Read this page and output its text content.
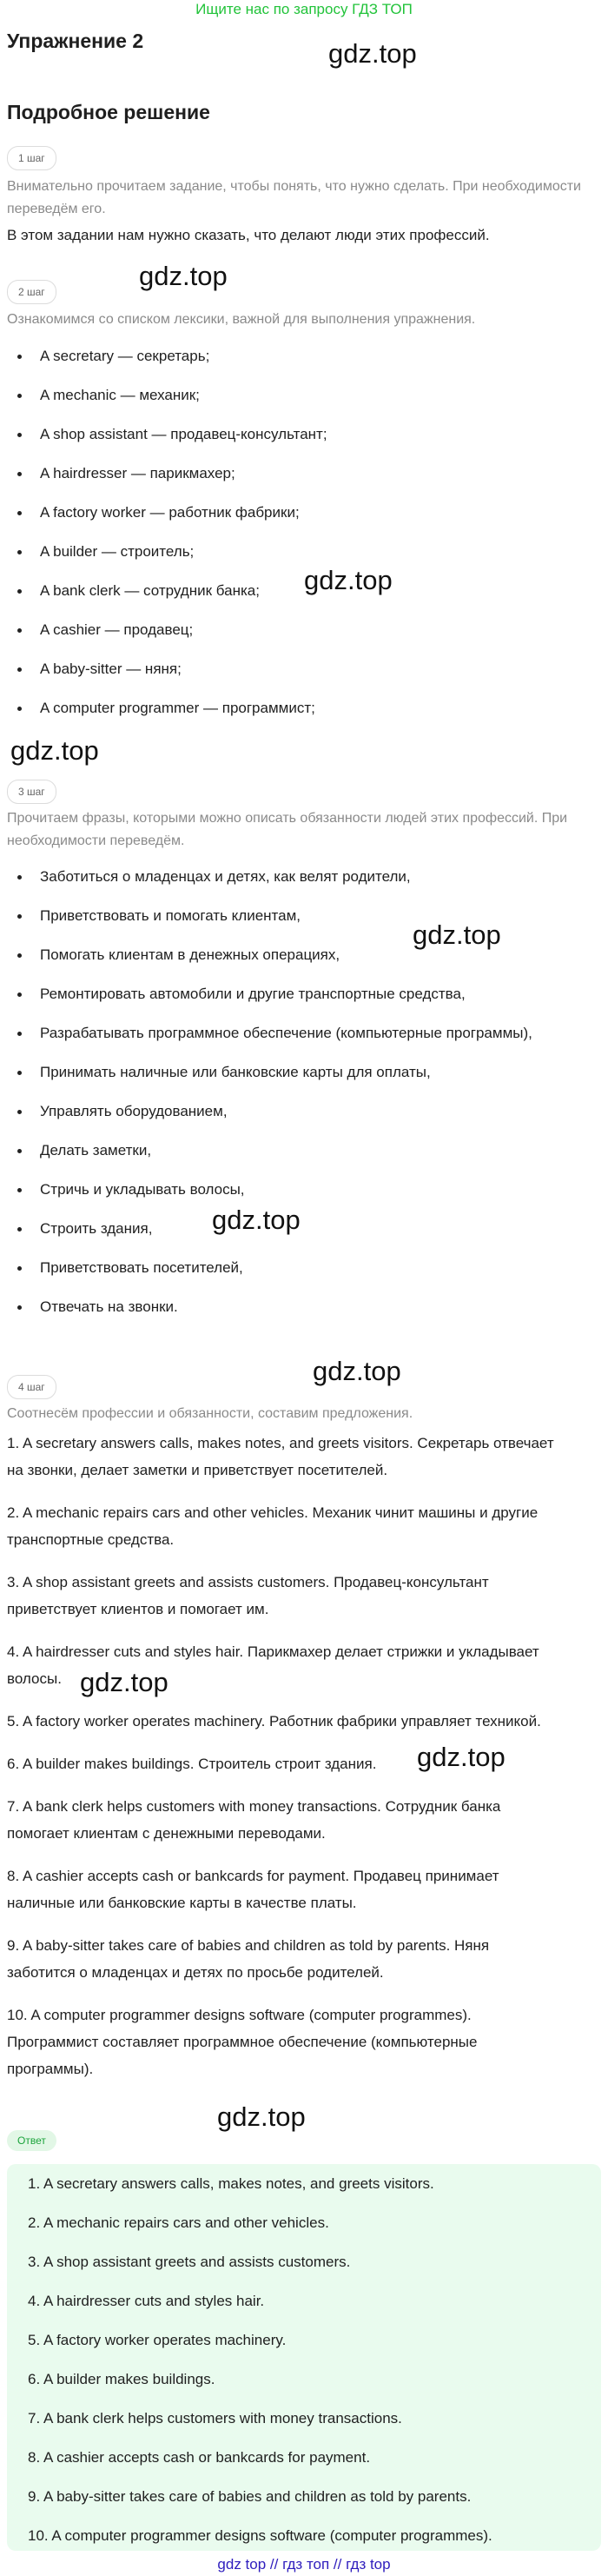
Ищите нас по запросу ГДЗ ТОП
Упражнение 2
Подробное решение
gdz.top
gdz.top
gdz.top
gdz.top
gdz.top
gdz.top
gdz.top
gdz.top
gdz.top
gdz.top
1 шаг
Внимательно прочитаем задание, чтобы понять, что нужно сделать. При необходимости переведём его.
В этом задании нам нужно сказать, что делают люди этих профессий.
2 шаг
Ознакомимся со списком лексики, важной для выполнения упражнения.
A secretary — секретарь;
A mechanic — механик;
A shop assistant — продавец-консультант;
A hairdresser — парикмахер;
A factory worker — работник фабрики;
A builder — строитель;
A bank clerk — сотрудник банка;
A cashier — продавец;
A baby-sitter — няня;
A computer programmer — программист;
3 шаг
Прочитаем фразы, которыми можно описать обязанности людей этих профессий. При необходимости переведём.
Заботиться о младенцах и детях, как велят родители,
Приветствовать и помогать клиентам,
Помогать клиентам в денежных операциях,
Ремонтировать автомобили и другие транспортные средства,
Разрабатывать программное обеспечение (компьютерные программы),
Принимать наличные или банковские карты для оплаты,
Управлять оборудованием,
Делать заметки,
Стричь и укладывать волосы,
Строить здания,
Приветствовать посетителей,
Отвечать на звонки.
4 шаг
Соотнесём профессии и обязанности, составим предложения.
1. A secretary answers calls, makes notes, and greets visitors. Секретарь отвечает
на звонки, делает заметки и приветствует посетителей.
2. A mechanic repairs cars and other vehicles. Механик чинит машины и другие
транспортные средства.
3. A shop assistant greets and assists customers. Продавец-консультант
приветствует клиентов и помогает им.
4. A hairdresser cuts and styles hair. Парикмахер делает стрижки и укладывает
волосы.
5. A factory worker operates machinery. Работник фабрики управляет техникой.
6. A builder makes buildings. Строитель строит здания.
7. A bank clerk helps customers with money transactions. Сотрудник банка
помогает клиентам с денежными переводами.
8. A cashier accepts cash or bankcards for payment. Продавец принимает
наличные или банковские карты в качестве платы.
9. A baby-sitter takes care of babies and children as told by parents. Няня
заботится о младенцах и детях по просьбе родителей.
10. A computer programmer designs software (computer programmes).
Программист составляет программное обеспечение (компьютерные
программы).
Ответ
1. A secretary answers calls, makes notes, and greets visitors.
2. A mechanic repairs cars and other vehicles.
3. A shop assistant greets and assists customers.
4. A hairdresser cuts and styles hair.
5. A factory worker operates machinery.
6. A builder makes buildings.
7. A bank clerk helps customers with money transactions.
8. A cashier accepts cash or bankcards for payment.
9. A baby-sitter takes care of babies and children as told by parents.
10. A computer programmer designs software (computer programmes).
gdz top // гдз топ // гдз top
